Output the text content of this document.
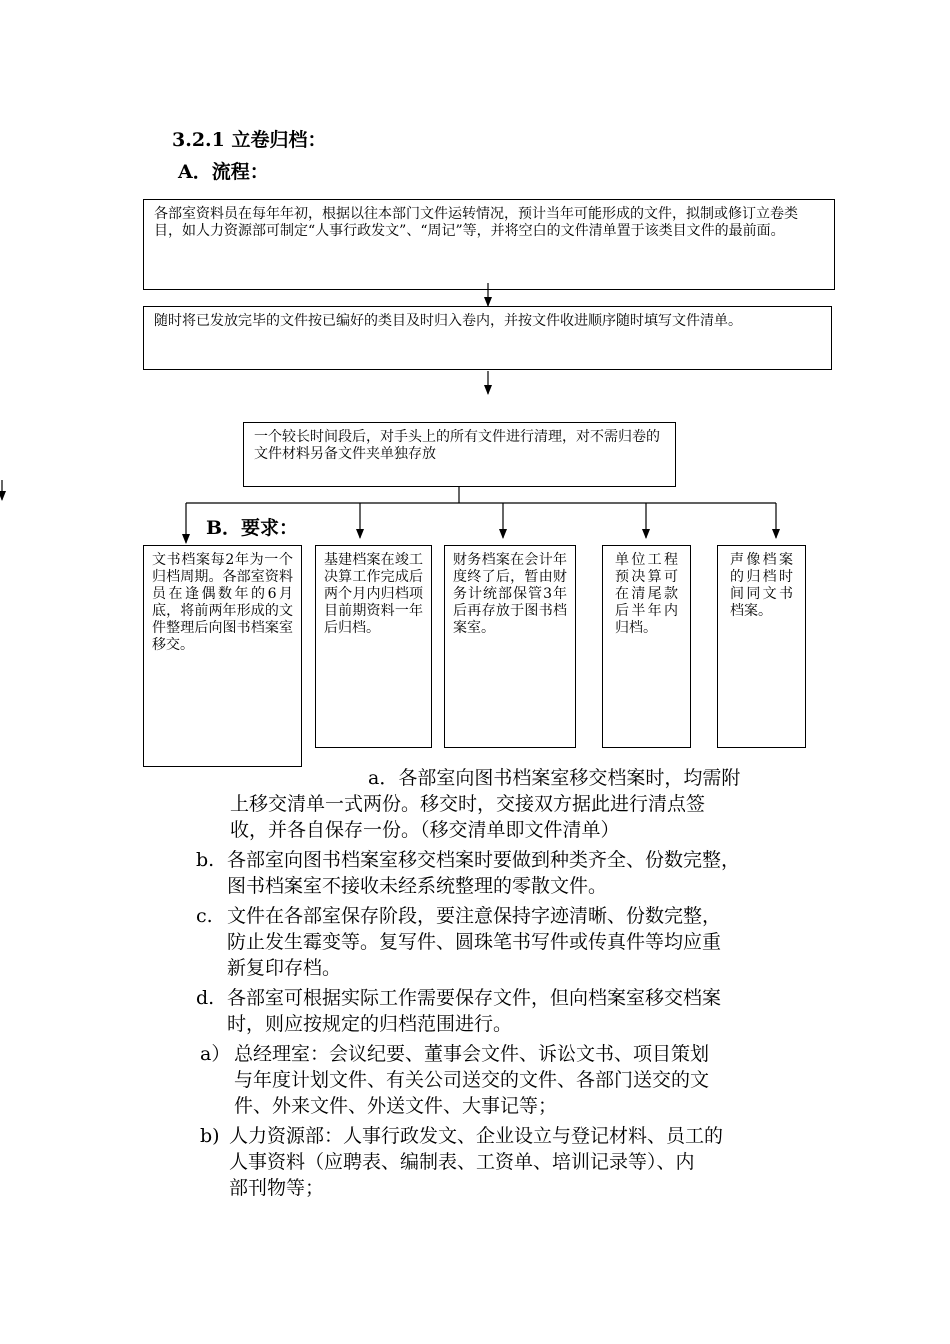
3.2.1 立卷归档：
A．流程：
各部室资料员在每年年初，根据以往本部门文件运转情况，预计当年可能形成的文件，拟制或修订立卷类目，如人力资源部可制定“人事行政发文”、“周记”等，并将空白的文件清单置于该类目文件的最前面。
随时将已发放完毕的文件按已编好的类目及时归入卷内，并按文件收进顺序随时填写文件清单。
一个较长时间段后，对手头上的所有文件进行清理，对不需归卷的文件材料另备文件夹单独存放
B．要求：
文书档案每2年为一个归档周期。各部室资料员在逢偶数年的6月底，将前两年形成的文件整理后向图书档案室移交。
基建档案在竣工决算工作完成后两个月内归档项目前期资料一年后归档。
财务档案在会计年度终了后，暂由财务计统部保管3年后再存放于图书档案室。
单位工程预决算可在清尾款后半年内归档。
声像档案的归档时间同文书档案。
a．各部室向图书档案室移交档案时，均需附
上移交清单一式两份。移交时，交接双方据此进行清点签
收，并各自保存一份。（移交清单即文件清单）
b. 各部室向图书档案室移交档案时要做到种类齐全、份数完整，
图书档案室不接收未经系统整理的零散文件。
c. 文件在各部室保存阶段，要注意保持字迹清晰、份数完整，
防止发生霉变等。复写件、圆珠笔书写件或传真件等均应重
新复印存档。
d. 各部室可根据实际工作需要保存文件，但向档案室移交档案
时，则应按规定的归档范围进行。
a） 总经理室：会议纪要、董事会文件、诉讼文书、项目策划
与年度计划文件、有关公司送交的文件、各部门送交的文
件、外来文件、外送文件、大事记等；
b) 人力资源部：人事行政发文、企业设立与登记材料、员工的
人事资料（应聘表、编制表、工资单、培训记录等）、内
部刊物等；
